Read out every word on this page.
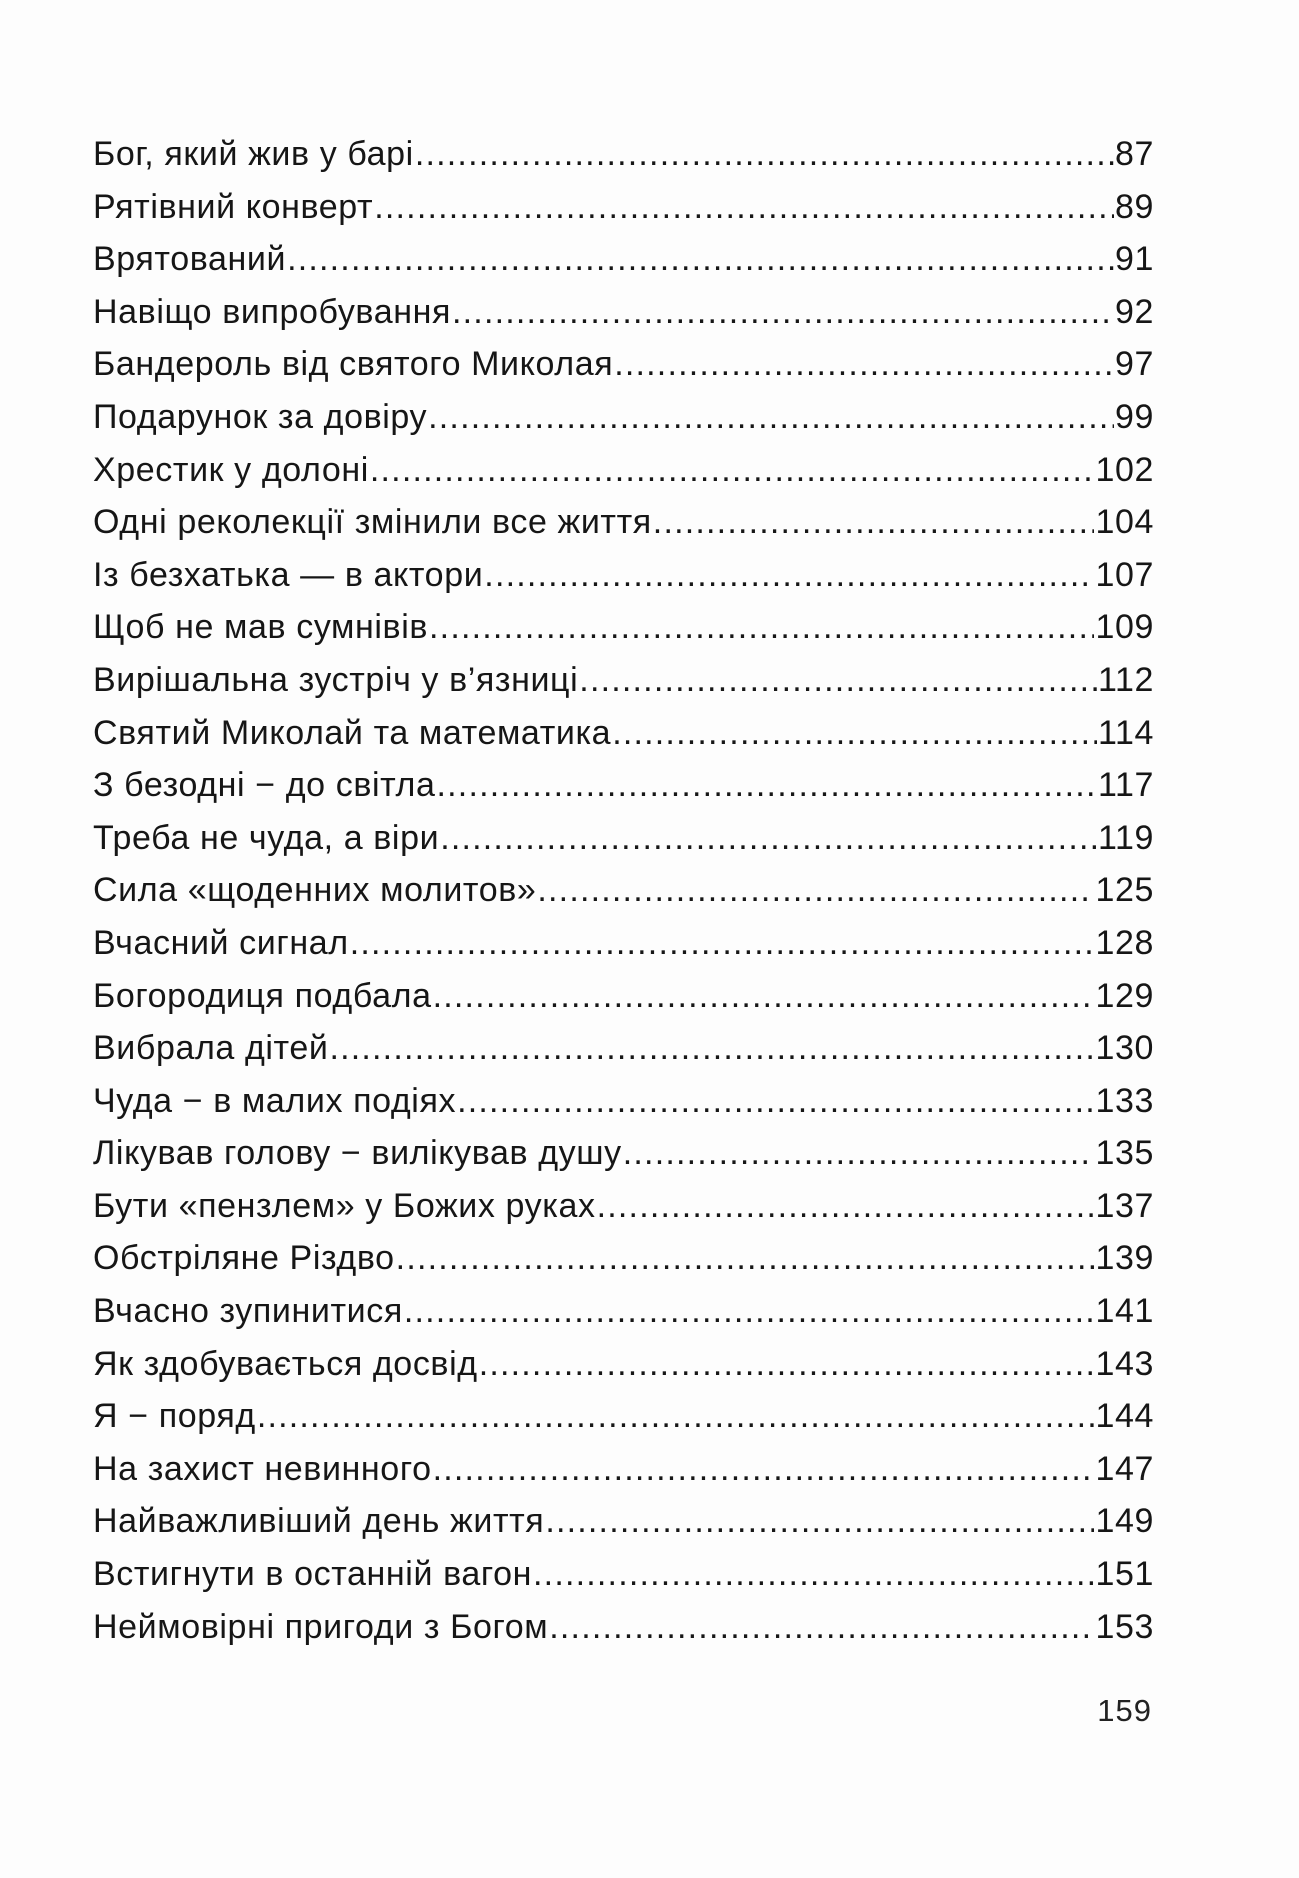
Бог, який жив у барі .....	87
Рятівний конверт .....	89
Врятований .....	91
Навіщо випробування .....	92
Бандероль від святого Миколая .....	97
Подарунок за довіру .....	99
Хрестик у долоні .....	102
Одні реколекції змінили все життя .....	104
Із безхатька — в актори .....	107
Щоб не мав сумнівів .....	109
Вирішальна зустріч у в’язниці .....	112
Святий Миколай та математика .....	114
З безодні − до світла .....	117
Треба не чуда, а віри .....	119
Сила «щоденних молитов» .....	125
Вчасний сигнал .....	128
Богородиця подбала .....	129
Вибрала дітей .....	130
Чуда − в малих подіях .....	133
Лікував голову − вилікував душу .....	135
Бути «пензлем» у Божих руках .....	137
Обстріляне Різдво .....	139
Вчасно зупинитися .....	141
Як здобувається досвід .....	143
Я − поряд .....	144
На захист невинного .....	147
Найважливіший день життя .....	149
Встигнути в останній вагон .....	151
Неймовірні пригоди з Богом .....	153
159
